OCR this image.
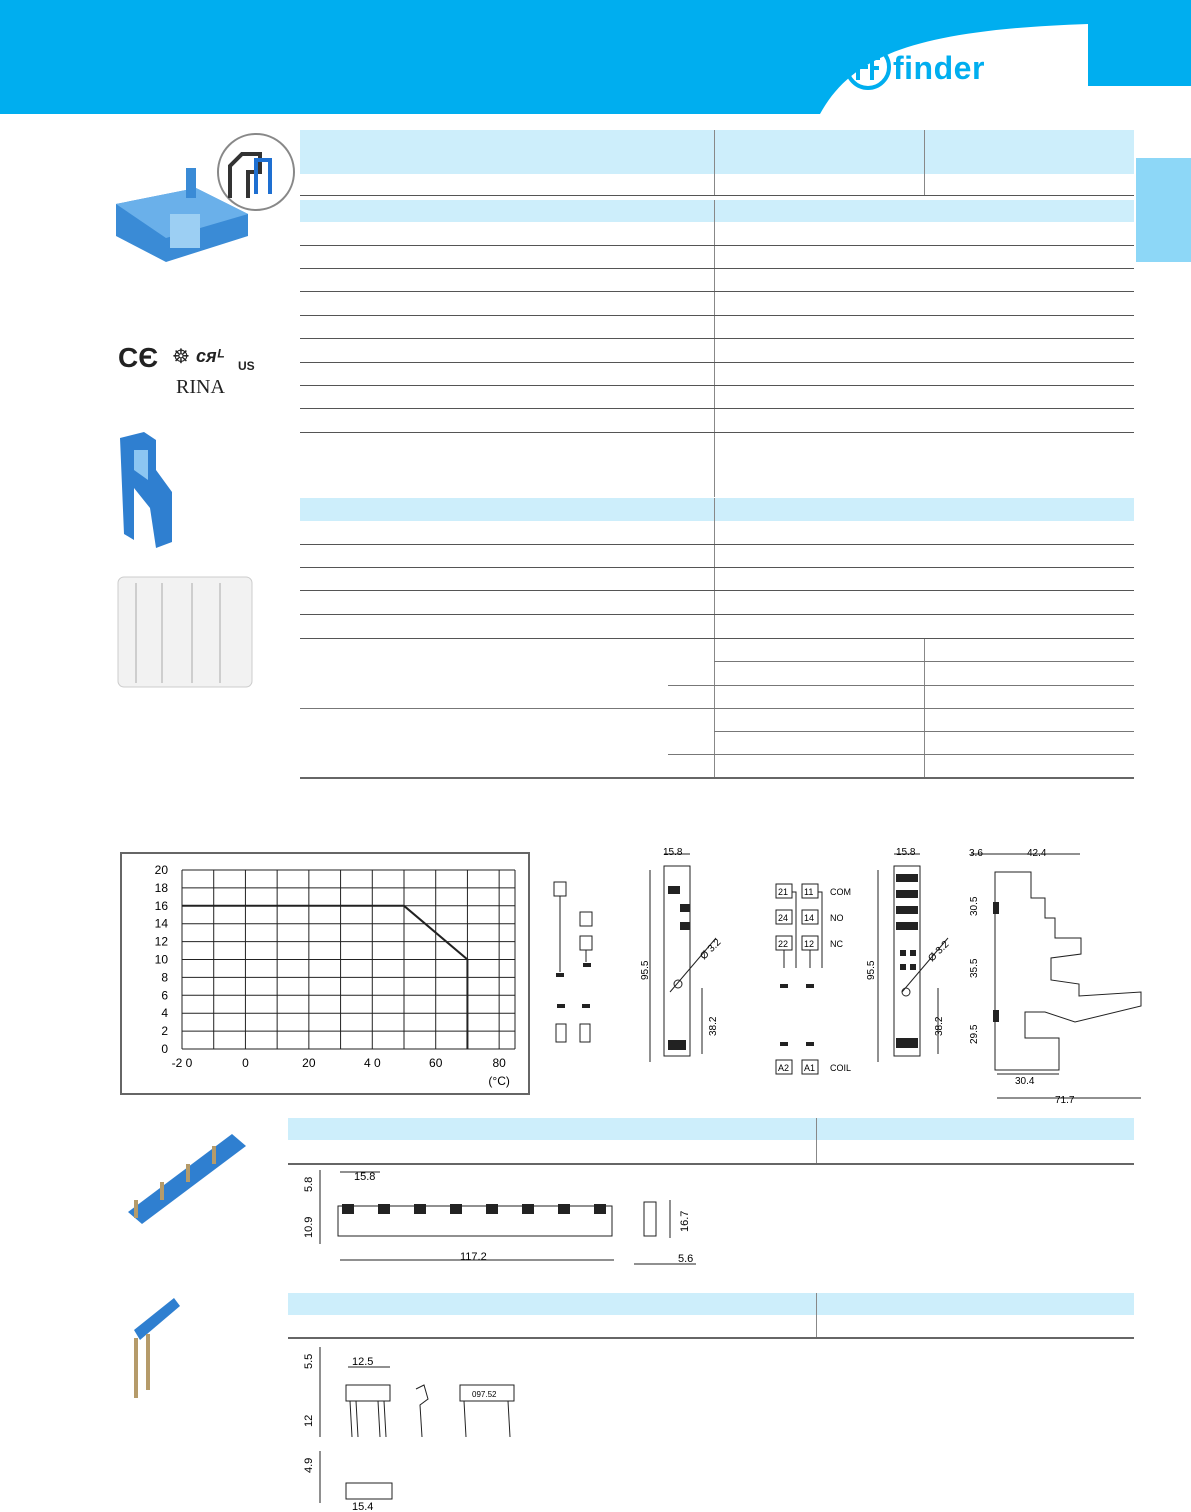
finder
CЄ ☸ cᴙᴸ US
RINA
20
18
16
14
12
10
8
6
4
2
0
-2 0	0	20	4 0	60	80
(°C)
15.8
95.5
38.2
Ø 3.2
21 11
24 14
22 12
A2 A1
COM
NO
NC
COIL
15.8
95.5
38.2
Ø 3.2
3.6	42.4
30.5
35.5
29.5
30.4
71.7
5.8
10.9
15.8
117.2
16.7
5.6
5.5
12
12.5
4.9
15.4
097.52
